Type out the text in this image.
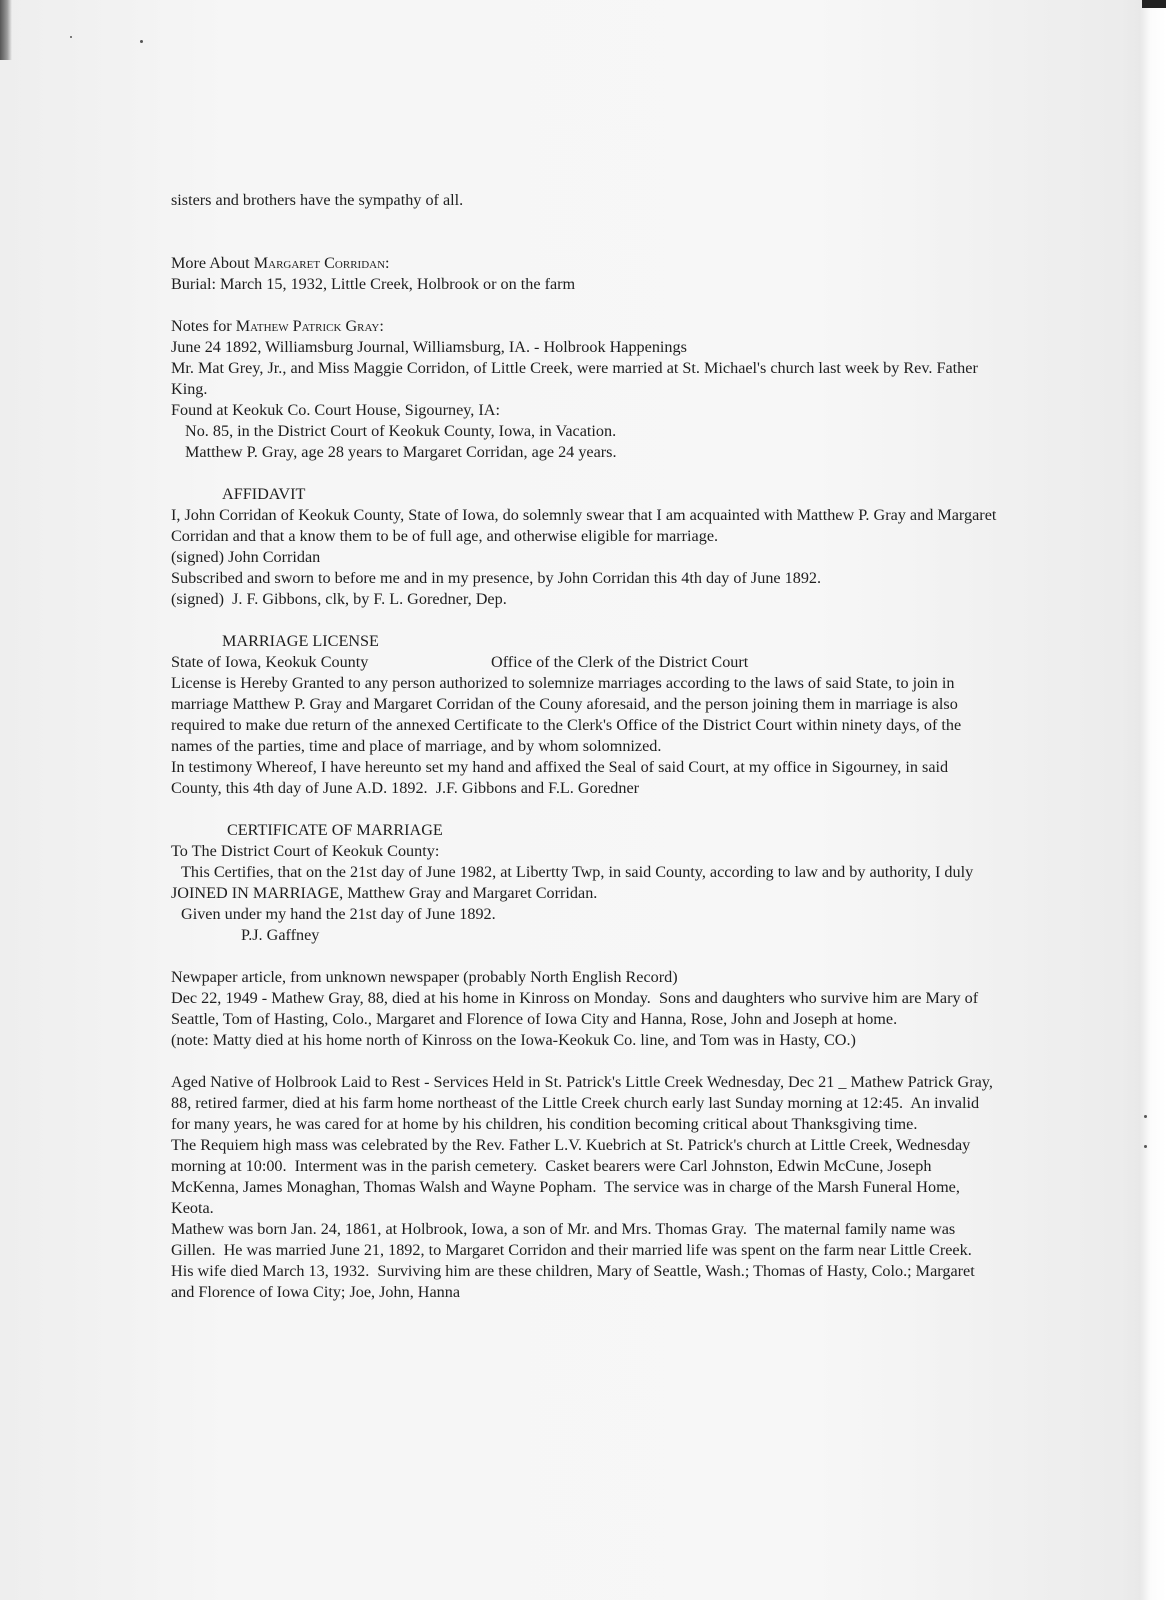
sisters and brothers have the sympathy of all.

More About Margaret Corridan:

Burial: March 15, 1932, Little Creek, Holbrook or on the farm

Notes for Mathew Patrick Gray:

June 24 1892, Williamsburg Journal, Williamsburg, IA. - Holbrook Happenings

Mr. Mat Grey, Jr., and Miss Maggie Corridon, of Little Creek, were married at St. Michael's church last week by Rev. Father King.

Found at Keokuk Co. Court House, Sigourney, IA:

No. 85, in the District Court of Keokuk County, Iowa, in Vacation.

Matthew P. Gray, age 28 years to Margaret Corridan, age 24 years.

AFFIDAVIT

I, John Corridan of Keokuk County, State of Iowa, do solemnly swear that I am acquainted with Matthew P. Gray and Margaret Corridan and that a know them to be of full age, and otherwise eligible for marriage.

(signed) John Corridan

Subscribed and sworn to before me and in my presence, by John Corridan this 4th day of June 1892.

(signed)  J. F. Gibbons, clk, by F. L. Goredner, Dep.

MARRIAGE LICENSE

State of Iowa, Keokuk County	Office of the Clerk of the District Court

License is Hereby Granted to any person authorized to solemnize marriages according to the laws of said State, to join in marriage Matthew P. Gray and Margaret Corridan of the Couny aforesaid, and the person joining them in marriage is also required to make due return of the annexed Certificate to the Clerk's Office of the District Court within ninety days, of the names of the parties, time and place of marriage, and by whom solomnized.

In testimony Whereof, I have hereunto set my hand and affixed the Seal of said Court, at my office in Sigourney, in said County, this 4th day of June A.D. 1892.  J.F. Gibbons and F.L. Goredner

CERTIFICATE OF MARRIAGE

To The District Court of Keokuk County:

This Certifies, that on the 21st day of June 1982, at Libertty Twp, in said County, according to law and by authority, I duly JOINED IN MARRIAGE, Matthew Gray and Margaret Corridan.

Given under my hand the 21st day of June 1892.

P.J. Gaffney

Newpaper article, from unknown newspaper (probably North English Record)

Dec 22, 1949 - Mathew Gray, 88, died at his home in Kinross on Monday.  Sons and daughters who survive him are Mary of Seattle, Tom of Hasting, Colo., Margaret and Florence of Iowa City and Hanna, Rose, John and Joseph at home.

(note: Matty died at his home north of Kinross on the Iowa-Keokuk Co. line, and Tom was in Hasty, CO.)

Aged Native of Holbrook Laid to Rest - Services Held in St. Patrick's Little Creek Wednesday, Dec 21 _ Mathew Patrick Gray, 88, retired farmer, died at his farm home northeast of the Little Creek church early last Sunday morning at 12:45.  An invalid for many years, he was cared for at home by his children, his condition becoming critical about Thanksgiving time.

The Requiem high mass was celebrated by the Rev. Father L.V. Kuebrich at St. Patrick's church at Little Creek, Wednesday morning at 10:00.  Interment was in the parish cemetery.  Casket bearers were Carl Johnston, Edwin McCune, Joseph McKenna, James Monaghan, Thomas Walsh and Wayne Popham.  The service was in charge of the Marsh Funeral Home, Keota.

Mathew was born Jan. 24, 1861, at Holbrook, Iowa, a son of Mr. and Mrs. Thomas Gray.  The maternal family name was Gillen.  He was married June 21, 1892, to Margaret Corridon and their married life was spent on the farm near Little Creek.  His wife died March 13, 1932.  Surviving him are these children, Mary of Seattle, Wash.; Thomas of Hasty, Colo.; Margaret and Florence of Iowa City; Joe, John, Hanna
